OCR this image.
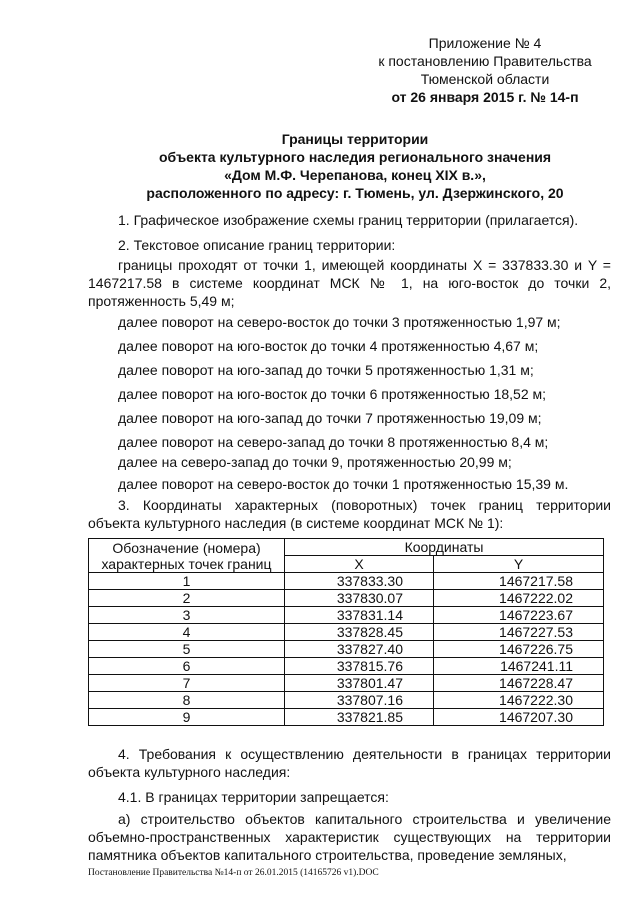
Приложение № 4
к постановлению Правительства
Тюменской области
от 26 января 2015 г. № 14-п
Границы территории
объекта культурного наследия регионального значения
«Дом М.Ф. Черепанова, конец XIX в.»,
расположенного по адресу: г. Тюмень, ул. Дзержинского, 20
1. Графическое изображение схемы границ территории (прилагается).
2. Текстовое описание границ территории:
границы проходят от точки 1, имеющей координаты X = 337833.30 и Y = 1467217.58 в системе координат МСК № 1, на юго-восток до точки 2, протяженность 5,49 м;
далее поворот на северо-восток до точки 3 протяженностью 1,97 м;
далее поворот на юго-восток до точки 4 протяженностью 4,67 м;
далее поворот на юго-запад до точки 5 протяженностью 1,31 м;
далее поворот на юго-восток до точки 6 протяженностью 18,52 м;
далее поворот на юго-запад до точки 7 протяженностью 19,09 м;
далее поворот на северо-запад до точки 8 протяженностью 8,4 м;
далее на северо-запад до точки 9, протяженностью 20,99 м;
далее поворот на северо-восток до точки 1 протяженностью 15,39 м.
3. Координаты характерных (поворотных) точек границ территории объекта культурного наследия (в системе координат МСК № 1):
Обозначение (номера)
характерных точек границ	Координаты	
	X	Y
1	337833.30	1467217.58
2	337830.07	1467222.02
3	337831.14	1467223.67
4	337828.45	1467227.53
5	337827.40	1467226.75
6	337815.76	1467241.11
7	337801.47	1467228.47
8	337807.16	1467222.30
9	337821.85	1467207.30
4. Требования к осуществлению деятельности в границах территории объекта культурного наследия:
4.1. В границах территории запрещается:
а) строительство объектов капитального строительства и увеличение объемно-пространственных характеристик существующих на территории памятника объектов капитального строительства, проведение земляных,
Постановление Правительства №14-п от 26.01.2015 (14165726 v1).DOC
